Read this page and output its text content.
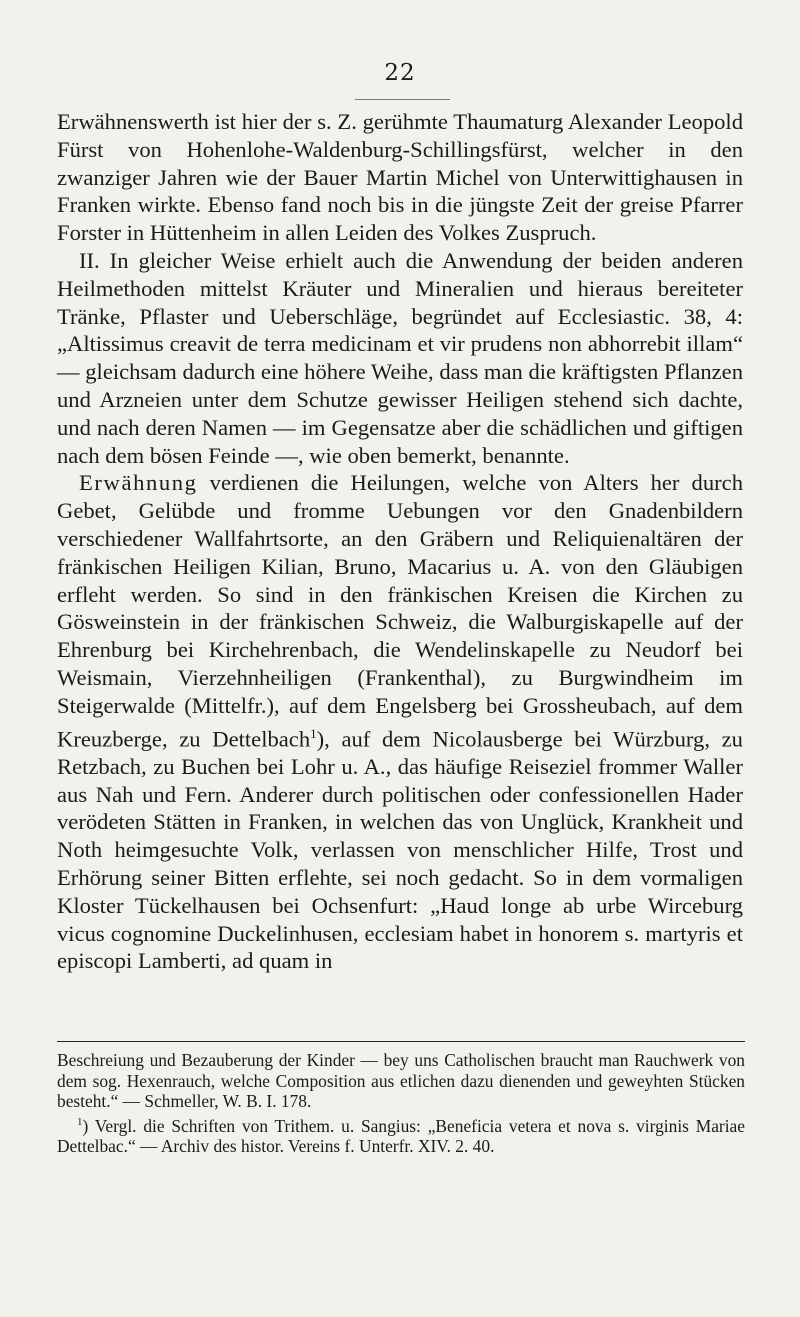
22

Erwähnenswerth ist hier der s. Z. gerühmte Thaumaturg Alexander Leopold Fürst von Hohenlohe-Waldenburg-Schillingsfürst, welcher in den zwanziger Jahren wie der Bauer Martin Michel von Unterwittighausen in Franken wirkte. Ebenso fand noch bis in die jüngste Zeit der greise Pfarrer Forster in Hüttenheim in allen Leiden des Volkes Zuspruch.

II. In gleicher Weise erhielt auch die Anwendung der beiden anderen Heilmethoden mittelst Kräuter und Mineralien und hieraus bereiteter Tränke, Pflaster und Ueberschläge, begründet auf Ecclesiastic. 38, 4: „Altissimus creavit de terra medicinam et vir prudens non abhorrebit illam“ — gleichsam dadurch eine höhere Weihe, dass man die kräftigsten Pflanzen und Arzneien unter dem Schutze gewisser Heiligen stehend sich dachte, und nach deren Namen — im Gegensatze aber die schädlichen und giftigen nach dem bösen Feinde —, wie oben bemerkt, benannte.

Erwähnung verdienen die Heilungen, welche von Alters her durch Gebet, Gelübde und fromme Uebungen vor den Gnadenbildern verschiedener Wallfahrtsorte, an den Gräbern und Reliquienaltären der fränkischen Heiligen Kilian, Bruno, Macarius u. A. von den Gläubigen erfleht werden. So sind in den fränkischen Kreisen die Kirchen zu Gösweinstein in der fränkischen Schweiz, die Walburgiskapelle auf der Ehrenburg bei Kirchehrenbach, die Wendelinskapelle zu Neudorf bei Weismain, Vierzehnheiligen (Frankenthal), zu Burgwindheim im Steigerwalde (Mittelfr.), auf dem Engelsberg bei Grossheubach, auf dem Kreuzberge, zu Dettelbach$^1$), auf dem Nicolausberge bei Würzburg, zu Retzbach, zu Buchen bei Lohr u. A., das häufige Reiseziel frommer Waller aus Nah und Fern. Anderer durch politischen oder confessionellen Hader verödeten Stätten in Franken, in welchen das von Unglück, Krankheit und Noth heimgesuchte Volk, verlassen von menschlicher Hilfe, Trost und Erhörung seiner Bitten erflehte, sei noch gedacht. So in dem vormaligen Kloster Tückelhausen bei Ochsenfurt: „Haud longe ab urbe Wirceburg vicus cognomine Duckelinhusen, ecclesiam habet in honorem s. martyris et episcopi Lamberti, ad quam in

Beschreiung und Bezauberung der Kinder — bey uns Catholischen braucht man Rauchwerk von dem sog. Hexenrauch, welche Composition aus etlichen dazu dienenden und geweyhten Stücken besteht.“ — Schmeller, W. B. I. 178.

$^1$) Vergl. die Schriften von Trithem. u. Sangius: „Beneficia vetera et nova s. virginis Mariae Dettelbac.“ — Archiv des histor. Vereins f. Unterfr. XIV. 2. 40.
